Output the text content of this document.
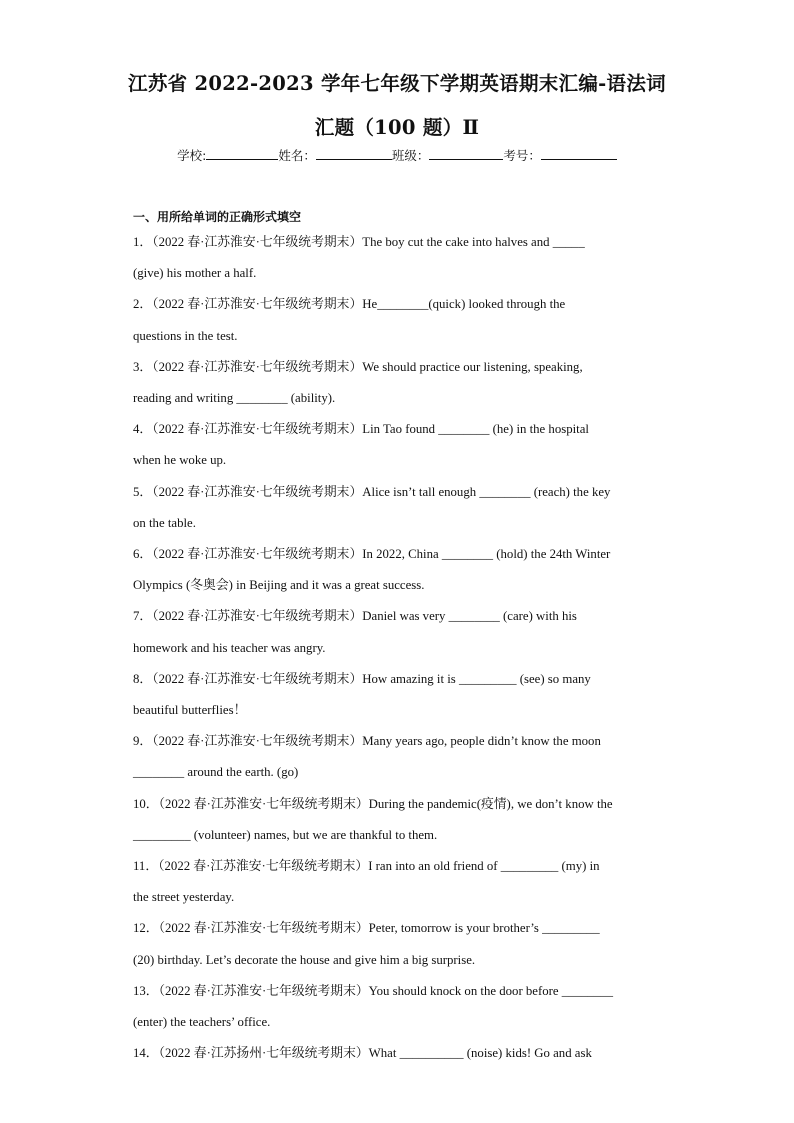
江苏省 2022-2023 学年七年级下学期英语期末汇编-语法词
汇题（100 题）Ⅱ
学校:	姓名：	班级：	考号：
一、用所给单词的正确形式填空
1．（2022 春·江苏淮安·七年级统考期末）The boy cut the cake into halves and _____
(give) his mother a half.
2．（2022 春·江苏淮安·七年级统考期末）He________(quick) looked through the
questions in the test.
3．（2022 春·江苏淮安·七年级统考期末）We should practice our listening, speaking,
reading and writing ________ (ability).
4．（2022 春·江苏淮安·七年级统考期末）Lin Tao found ________ (he) in the hospital
when he woke up.
5．（2022 春·江苏淮安·七年级统考期末）Alice isn’t tall enough ________ (reach) the key
on the table.
6．（2022 春·江苏淮安·七年级统考期末）In 2022, China ________ (hold) the 24th Winter
Olympics (冬奥会) in Beijing and it was a great success.
7．（2022 春·江苏淮安·七年级统考期末）Daniel was very ________ (care) with his
homework and his teacher was angry.
8．（2022 春·江苏淮安·七年级统考期末）How amazing it is _________ (see) so many
beautiful butterflies！
9．（2022 春·江苏淮安·七年级统考期末）Many years ago, people didn’t know the moon
________ around the earth. (go)
10．（2022 春·江苏淮安·七年级统考期末）During the pandemic(疫情), we don’t know the
_________ (volunteer) names, but we are thankful to them.
11．（2022 春·江苏淮安·七年级统考期末）I ran into an old friend of _________ (my) in
the street yesterday.
12．（2022 春·江苏淮安·七年级统考期末）Peter, tomorrow is your brother’s _________
(20) birthday. Let’s decorate the house and give him a big surprise.
13．（2022 春·江苏淮安·七年级统考期末）You should knock on the door before ________
(enter) the teachers’ office.
14．（2022 春·江苏扬州·七年级统考期末）What __________ (noise) kids! Go and ask
